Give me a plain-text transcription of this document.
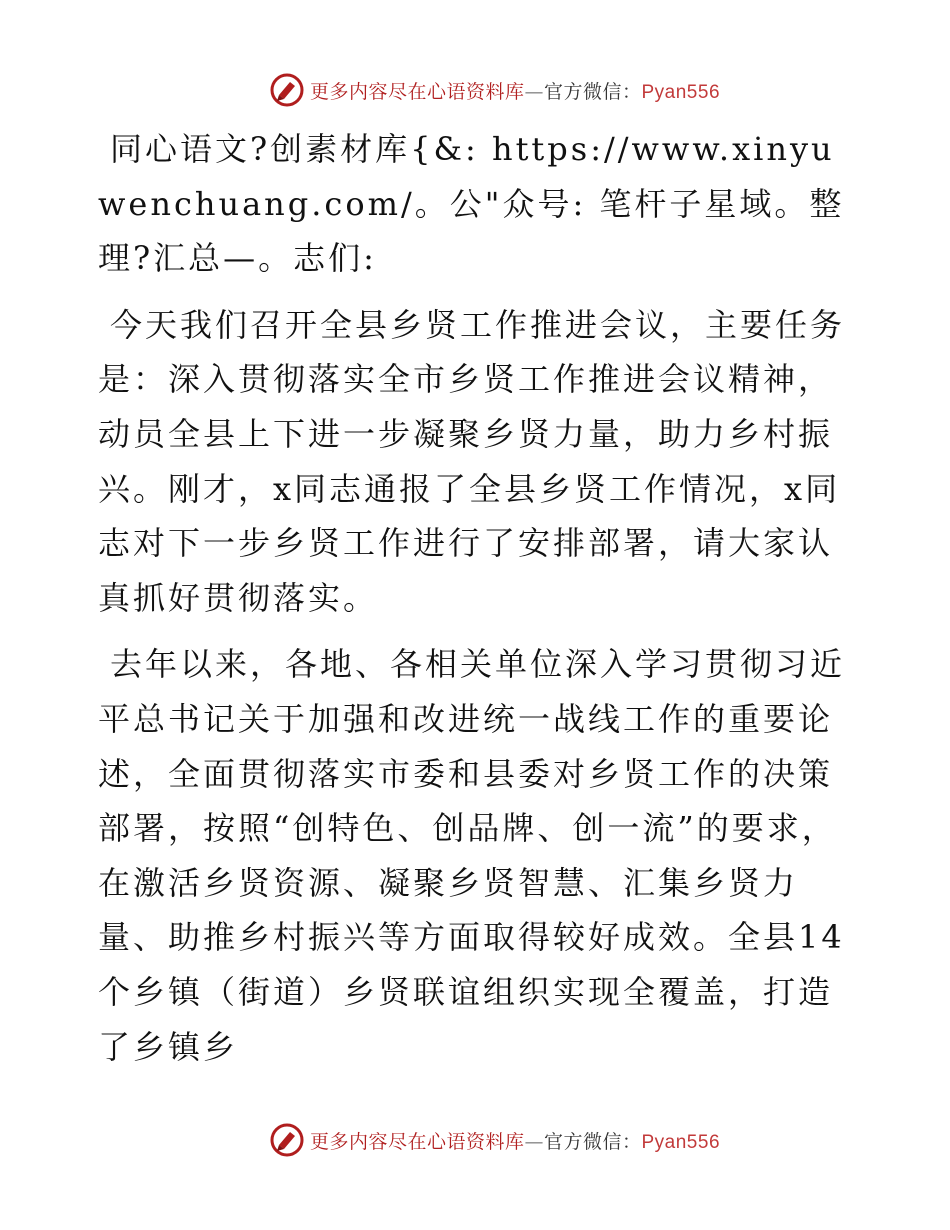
更多内容尽在心语资料库—官方微信：Pyan556

同心语文?创素材库{&: https://www.xinyuwenchuang.com/。公"众号: 笔杆子星域。整理?汇总—。志们:

今天我们召开全县乡贤工作推进会议，主要任务是：深入贯彻落实全市乡贤工作推进会议精神，动员全县上下进一步凝聚乡贤力量，助力乡村振兴。刚才，x同志通报了全县乡贤工作情况，x同志对下一步乡贤工作进行了安排部署，请大家认真抓好贯彻落实。

去年以来，各地、各相关单位深入学习贯彻习近平总书记关于加强和改进统一战线工作的重要论述，全面贯彻落实市委和县委对乡贤工作的决策部署，按照“创特色、创品牌、创一流”的要求，在激活乡贤资源、凝聚乡贤智慧、汇集乡贤力量、助推乡村振兴等方面取得较好成效。全县14个乡镇（街道）乡贤联谊组织实现全覆盖，打造了乡镇乡

更多内容尽在心语资料库—官方微信：Pyan556
